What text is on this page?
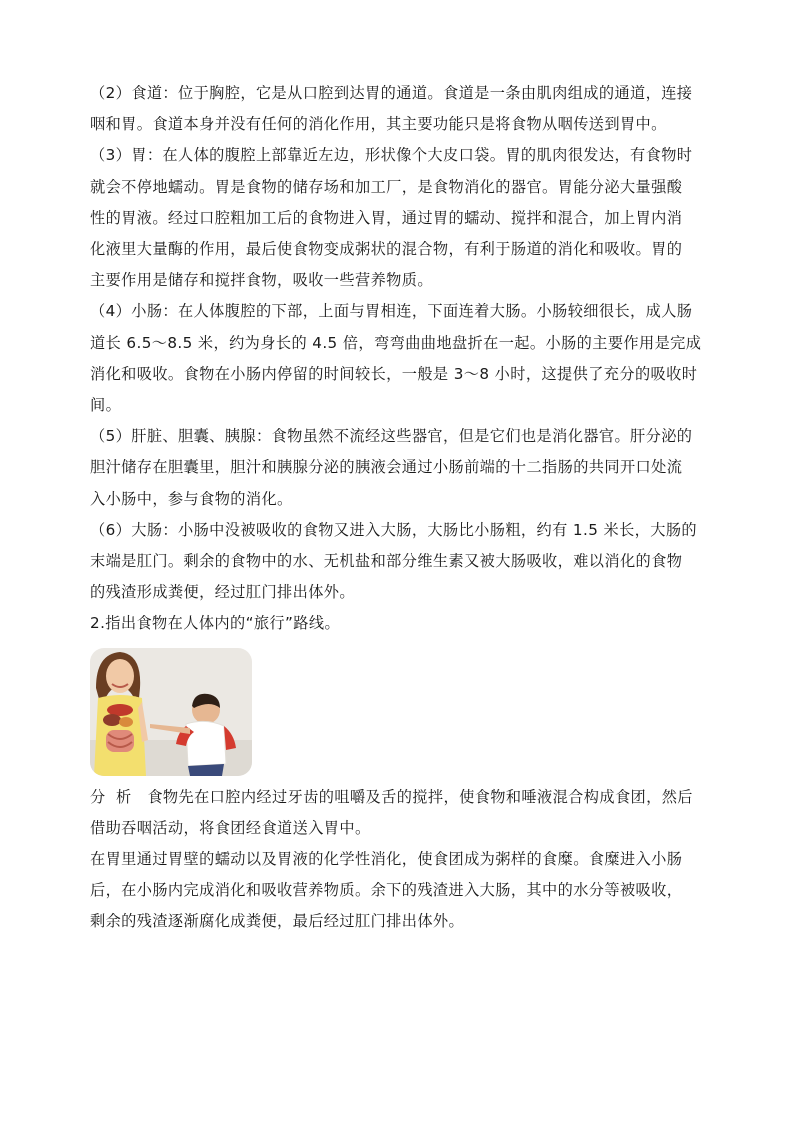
（2）食道：位于胸腔，它是从口腔到达胃的通道。食道是一条由肌肉组成的通道，连接
咽和胃。食道本身并没有任何的消化作用，其主要功能只是将食物从咽传送到胃中。
（3）胃：在人体的腹腔上部靠近左边，形状像个大皮口袋。胃的肌肉很发达，有食物时
就会不停地蠕动。胃是食物的储存场和加工厂，是食物消化的器官。胃能分泌大量强酸
性的胃液。经过口腔粗加工后的食物进入胃，通过胃的蠕动、搅拌和混合，加上胃内消
化液里大量酶的作用，最后使食物变成粥状的混合物，有利于肠道的消化和吸收。胃的
主要作用是储存和搅拌食物，吸收一些营养物质。
（4）小肠：在人体腹腔的下部，上面与胃相连，下面连着大肠。小肠较细很长，成人肠
道长 6.5～8.5 米，约为身长的 4.5 倍，弯弯曲曲地盘折在一起。小肠的主要作用是完成
消化和吸收。食物在小肠内停留的时间较长，一般是 3～8 小时，这提供了充分的吸收时
间。
（5）肝脏、胆囊、胰腺：食物虽然不流经这些器官，但是它们也是消化器官。肝分泌的
胆汁储存在胆囊里，胆汁和胰腺分泌的胰液会通过小肠前端的十二指肠的共同开口处流
入小肠中，参与食物的消化。
（6）大肠：小肠中没被吸收的食物又进入大肠，大肠比小肠粗，约有 1.5 米长，大肠的
末端是肛门。剩余的食物中的水、无机盐和部分维生素又被大肠吸收，难以消化的食物
的残渣形成粪便，经过肛门排出体外。
2.指出食物在人体内的“旅行”路线。
分  析   食物先在口腔内经过牙齿的咀嚼及舌的搅拌，使食物和唾液混合构成食团，然后
借助吞咽活动，将食团经食道送入胃中。
在胃里通过胃壁的蠕动以及胃液的化学性消化，使食团成为粥样的食糜。食糜进入小肠
后，在小肠内完成消化和吸收营养物质。余下的残渣进入大肠，其中的水分等被吸收，
剩余的残渣逐渐腐化成粪便，最后经过肛门排出体外。
